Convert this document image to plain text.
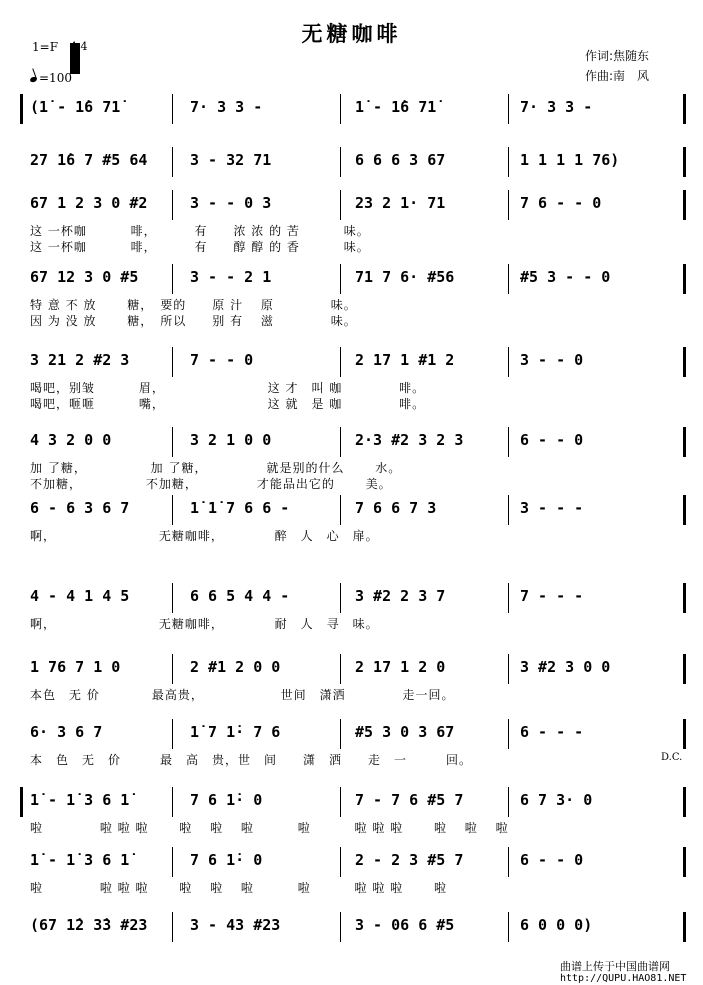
无糖咖啡
1=F	4
=100
作词:焦随东
作曲:南　风
(1̇ - 1̇6 71̇	7· 3 3 -	1̇ - 1̇6 71̇	7· 3 3 -
27 1̇6 7 #5 64	3 - 32 71	6 6 6 3 67	1 1 1 1 76)
67 1 2 3 0 #2	3 - - 0 3	23 2 1· 71	7 6 - - 0
这 一杯咖　　　 啡，　　　 有　　浓 浓 的 苦　　　 味。
这 一杯咖　　　 啡，　　　 有　　醇 醇 的 香　　　 味。
67 12 3 0 #5	3 - - 2 1	71 7 6· #56	#5 3 - - 0
特 意 不 放　　 糖，　要的　　原 汁　 原　　　　 味。
因 为 没 放　　 糖，　所以　　别 有　 滋　　　　 味。
3 21 2 #2 3	7 - - 0	2 17 1 #1 2	3 - - 0
喝吧，别皱　　　 眉，　　　　　　　　 这 才　叫 咖　　　　 啡。
喝吧，咂咂　　　 嘴，　　　　　　　　 这 就　是 咖　　　　 啡。
4 3 2 0 0	3 2 1 0 0	2·3 #2 3 2 3	6 - - 0
加 了糖，　　　　　 加 了糖，　　　　　就是别的什么　　 水。
不加糖，　　　　　 不加糖，　　　　　才能品出它的　　 美。
6 - 6 3 6 7	1̇ 1̇ 7 6 6 -	7 6 6 7 3	3 - - -
啊，　　　　　　　　 无糖咖啡，　　　　 醉　人　心　扉。
4 - 4 1 4 5	6 6 5 4 4 -	3 #2 2 3 7	7 - - -
啊，　　　　　　　　 无糖咖啡，　　　　 耐　人　寻　味。
1 76 7 1 0	2 #1 2 0 0	2 17 1 2 0	3 #2 3 0 0
本色　无 价　　　　最高贵，　　　　　　 世间　潇洒　　　　 走一回。
6· 3 6 7	1̇ 7 1̇· 7 6	#5 3 0 3 67	6 - - -
本　色　无　价　　　最　高　贵，世　间　　潇　洒　　走　一　　　回。
1̇ - 1̇ 3 6 1̇	7 6 1̇· 0	7 - 7 6 #5 7	6 7 3· 0
啦　　　　 啦 啦 啦　　 啦　 啦　 啦　　　 啦　　　 啦 啦 啦　　 啦　 啦　 啦
1̇ - 1̇ 3 6 1̇	7 6 1̇· 0	2 - 2 3 #5 7	6 - - 0
啦　　　　 啦 啦 啦　　 啦　 啦　 啦　　　 啦　　　 啦 啦 啦　　 啦
(67 1̇2 3̇3 #23	3 - 43 #23	3 - 06 6 #5	6 0 0 0)
D.C.
曲谱上传于中国曲谱网
http://QUPU.HAO81.NET
